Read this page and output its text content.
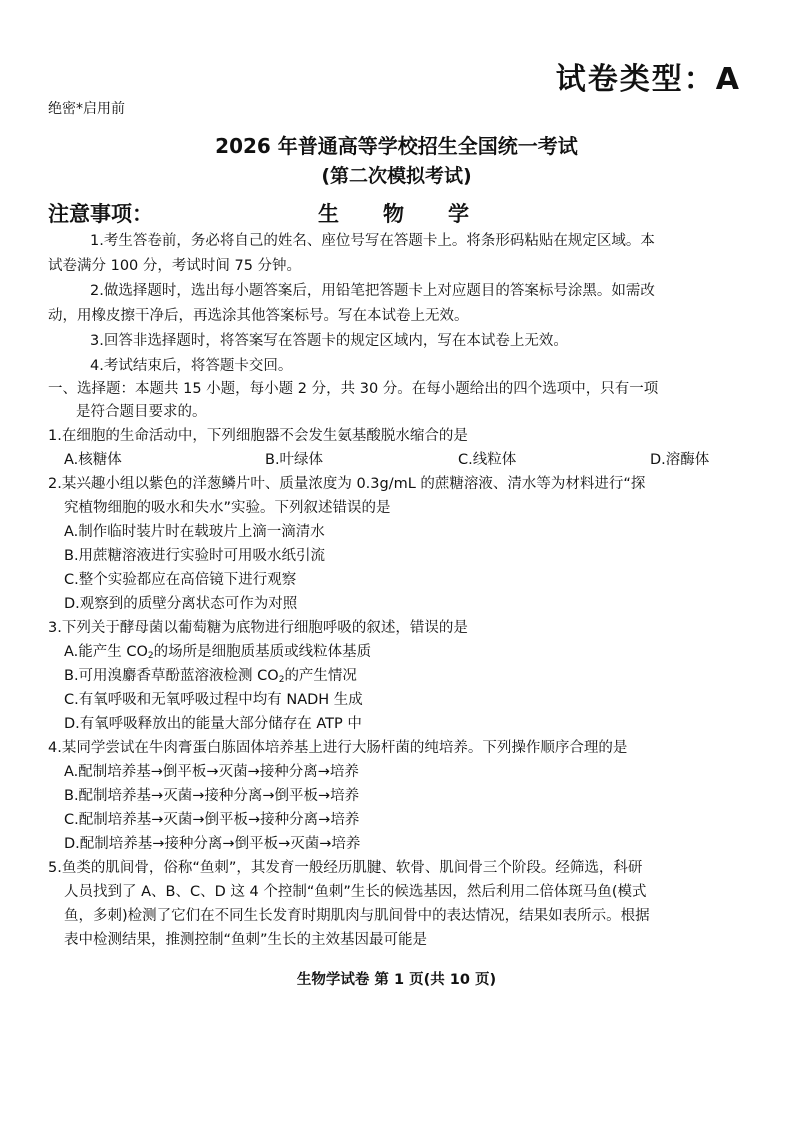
试卷类型：A
绝密*启用前
2026 年普通高等学校招生全国统一考试
(第二次模拟考试)
注意事项：	生物学
1.考生答卷前，务必将自己的姓名、座位号写在答题卡上。将条形码粘贴在规定区域。本
试卷满分 100 分，考试时间 75 分钟。
2.做选择题时，选出每小题答案后，用铅笔把答题卡上对应题目的答案标号涂黑。如需改
动，用橡皮擦干净后，再选涂其他答案标号。写在本试卷上无效。
3.回答非选择题时，将答案写在答题卡的规定区域内，写在本试卷上无效。
4.考试结束后，将答题卡交回。
一、选择题：本题共 15 小题，每小题 2 分，共 30 分。在每小题给出的四个选项中，只有一项
是符合题目要求的。
1.在细胞的生命活动中，下列细胞器不会发生氨基酸脱水缩合的是
A.核糖体	B.叶绿体	C.线粒体	D.溶酶体
2.某兴趣小组以紫色的洋葱鳞片叶、质量浓度为 0.3g/mL 的蔗糖溶液、清水等为材料进行“探
究植物细胞的吸水和失水”实验。下列叙述错误的是
A.制作临时装片时在载玻片上滴一滴清水
B.用蔗糖溶液进行实验时可用吸水纸引流
C.整个实验都应在高倍镜下进行观察
D.观察到的质壁分离状态可作为对照
3.下列关于酵母菌以葡萄糖为底物进行细胞呼吸的叙述，错误的是
A.能产生 $CO_2$的场所是细胞质基质或线粒体基质
B.可用溴麝香草酚蓝溶液检测 $CO_2$的产生情况
C.有氧呼吸和无氧呼吸过程中均有 NADH 生成
D.有氧呼吸释放出的能量大部分储存在 ATP 中
4.某同学尝试在牛肉膏蛋白胨固体培养基上进行大肠杆菌的纯培养。下列操作顺序合理的是
A.配制培养基→倒平板→灭菌→接种分离→培养
B.配制培养基→灭菌→接种分离→倒平板→培养
C.配制培养基→灭菌→倒平板→接种分离→培养
D.配制培养基→接种分离→倒平板→灭菌→培养
5.鱼类的肌间骨，俗称“鱼刺”，其发育一般经历肌腱、软骨、肌间骨三个阶段。经筛选，科研
人员找到了 A、B、C、D 这 4 个控制“鱼刺”生长的候选基因，然后利用二倍体斑马鱼(模式
鱼，多刺)检测了它们在不同生长发育时期肌肉与肌间骨中的表达情况，结果如表所示。根据
表中检测结果，推测控制“鱼刺”生长的主效基因最可能是
生物学试卷 第 1 页(共 10 页)
